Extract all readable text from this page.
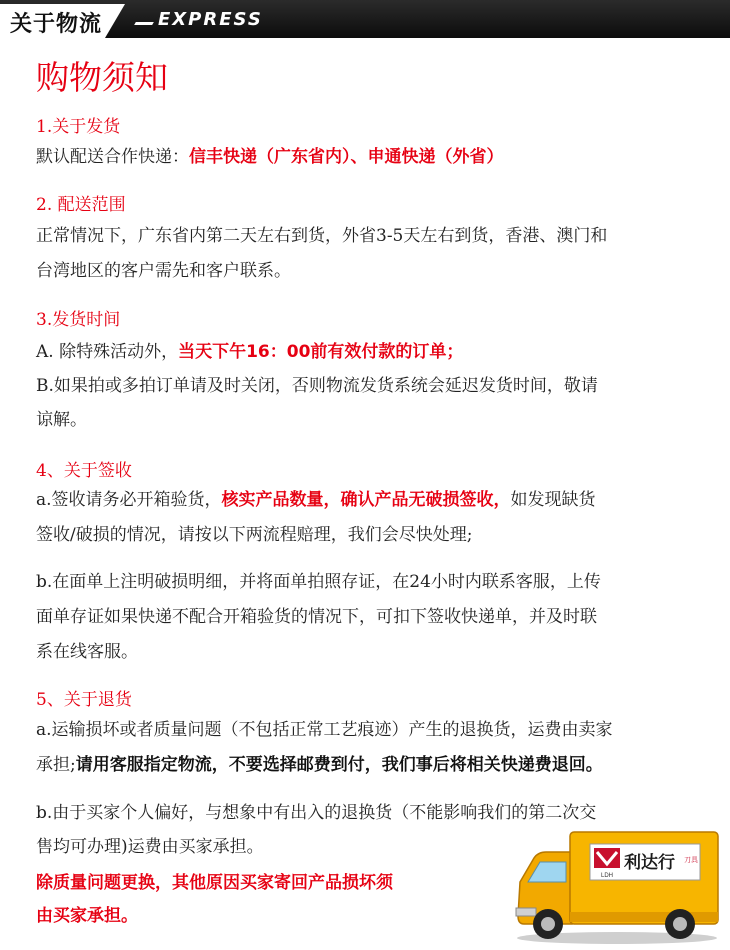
关于物流	EXPRESS
购物须知
1.关于发货
默认配送合作快递：信丰快递（广东省内）、申通快递（外省）
2. 配送范围
正常情况下，广东省内第二天左右到货，外省3-5天左右到货，香港、澳门和
台湾地区的客户需先和客户联系。
3.发货时间
A. 除特殊活动外，当天下午16：00前有效付款的订单；
B.如果拍或多拍订单请及时关闭，否则物流发货系统会延迟发货时间，敬请
谅解。
4、关于签收
a.签收请务必开箱验货，核实产品数量，确认产品无破损签收，如发现缺货
签收/破损的情况，请按以下两流程赔理，我们会尽快处理;
b.在面单上注明破损明细，并将面单拍照存证，在24小时内联系客服，上传
面单存证如果快递不配合开箱验货的情况下，可扣下签收快递单，并及时联
系在线客服。
5、关于退货
a.运输损坏或者质量问题（不包括正常工艺痕迹）产生的退换货，运费由卖家
承担;请用客服指定物流，不要选择邮费到付，我们事后将相关快递费退回。
b.由于买家个人偏好，与想象中有出入的退换货（不能影响我们的第二次交
售均可办理)运费由买家承担。
除质量问题更换，其他原因买家寄回产品损坏须
由买家承担。
LDH
利达行 刀具
